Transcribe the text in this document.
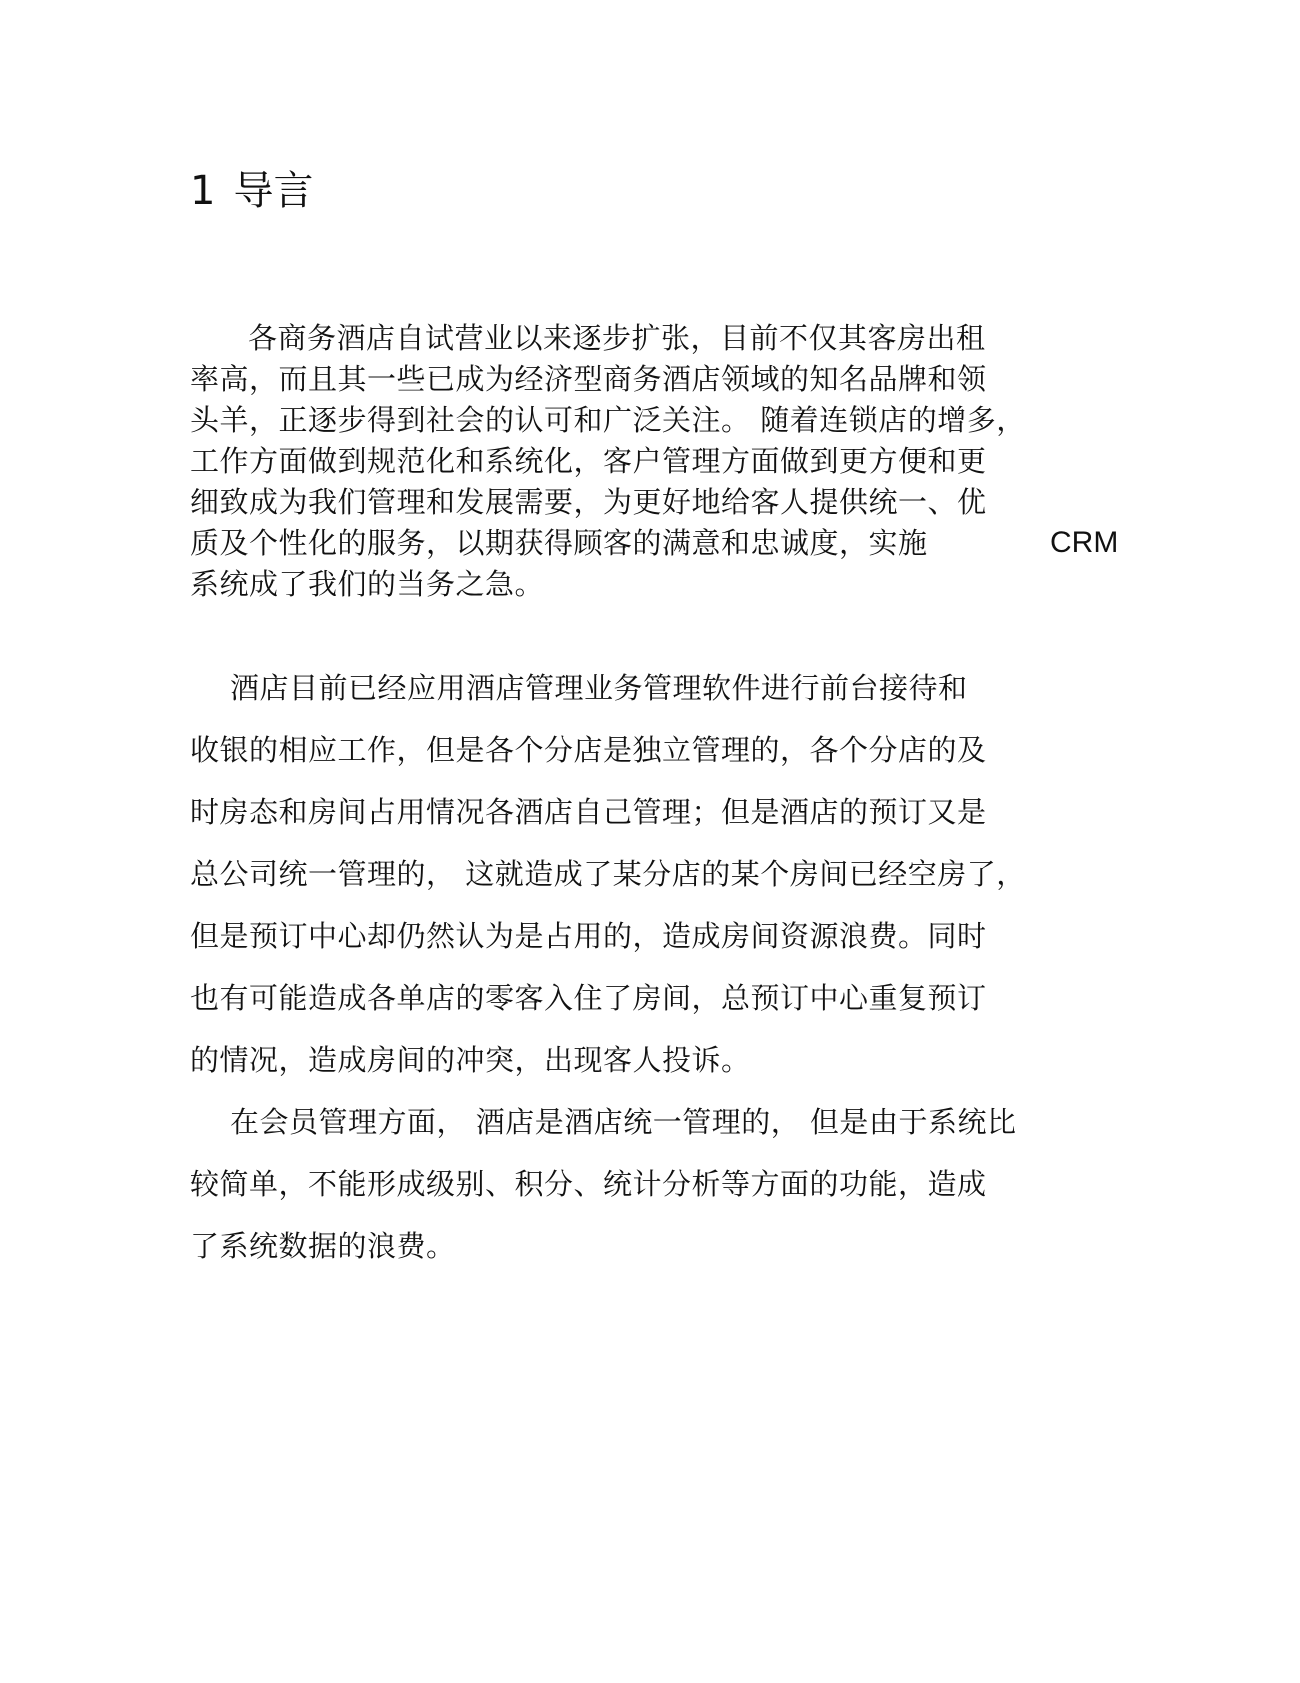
1 导言
各商务酒店自试营业以来逐步扩张，目前不仅其客房出租
率高，而且其一些已成为经济型商务酒店领域的知名品牌和领
头羊，正逐步得到社会的认可和广泛关注。 随着连锁店的增多，
工作方面做到规范化和系统化，客户管理方面做到更方便和更
细致成为我们管理和发展需要，为更好地给客人提供统一、优
质及个性化的服务，以期获得顾客的满意和忠诚度，实施	CRM
系统成了我们的当务之急。
酒店目前已经应用酒店管理业务管理软件进行前台接待和
收银的相应工作，但是各个分店是独立管理的，各个分店的及
时房态和房间占用情况各酒店自己管理；但是酒店的预订又是
总公司统一管理的， 这就造成了某分店的某个房间已经空房了，
但是预订中心却仍然认为是占用的，造成房间资源浪费。同时
也有可能造成各单店的零客入住了房间，总预订中心重复预订
的情况，造成房间的冲突，出现客人投诉。
在会员管理方面， 酒店是酒店统一管理的， 但是由于系统比
较简单，不能形成级别、积分、统计分析等方面的功能，造成
了系统数据的浪费。
